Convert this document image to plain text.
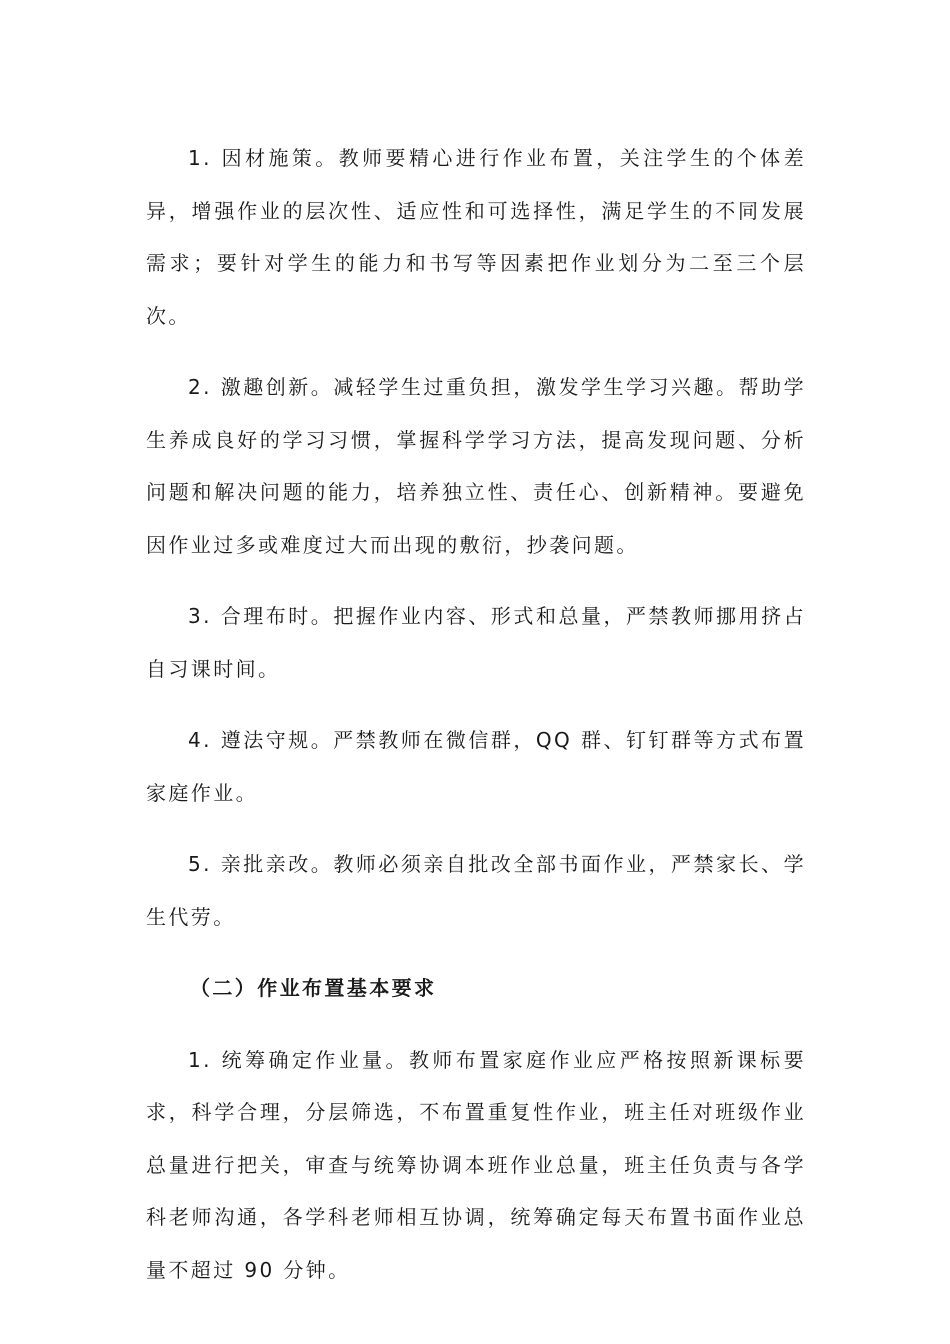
1. 因材施策。教师要精心进行作业布置，关注学生的个体差异，增强作业的层次性、适应性和可选择性，满足学生的不同发展需求；要针对学生的能力和书写等因素把作业划分为二至三个层次。

2. 激趣创新。减轻学生过重负担，激发学生学习兴趣。帮助学生养成良好的学习习惯，掌握科学学习方法，提高发现问题、分析问题和解决问题的能力，培养独立性、责任心、创新精神。要避免因作业过多或难度过大而出现的敷衍，抄袭问题。

3. 合理布时。把握作业内容、形式和总量，严禁教师挪用挤占自习课时间。

4. 遵法守规。严禁教师在微信群，QQ 群、钉钉群等方式布置家庭作业。

5. 亲批亲改。教师必须亲自批改全部书面作业，严禁家长、学生代劳。

（二）作业布置基本要求

1. 统筹确定作业量。教师布置家庭作业应严格按照新课标要求，科学合理，分层筛选，不布置重复性作业，班主任对班级作业总量进行把关，审查与统筹协调本班作业总量，班主任负责与各学科老师沟通，各学科老师相互协调，统筹确定每天布置书面作业总量不超过 90 分钟。
